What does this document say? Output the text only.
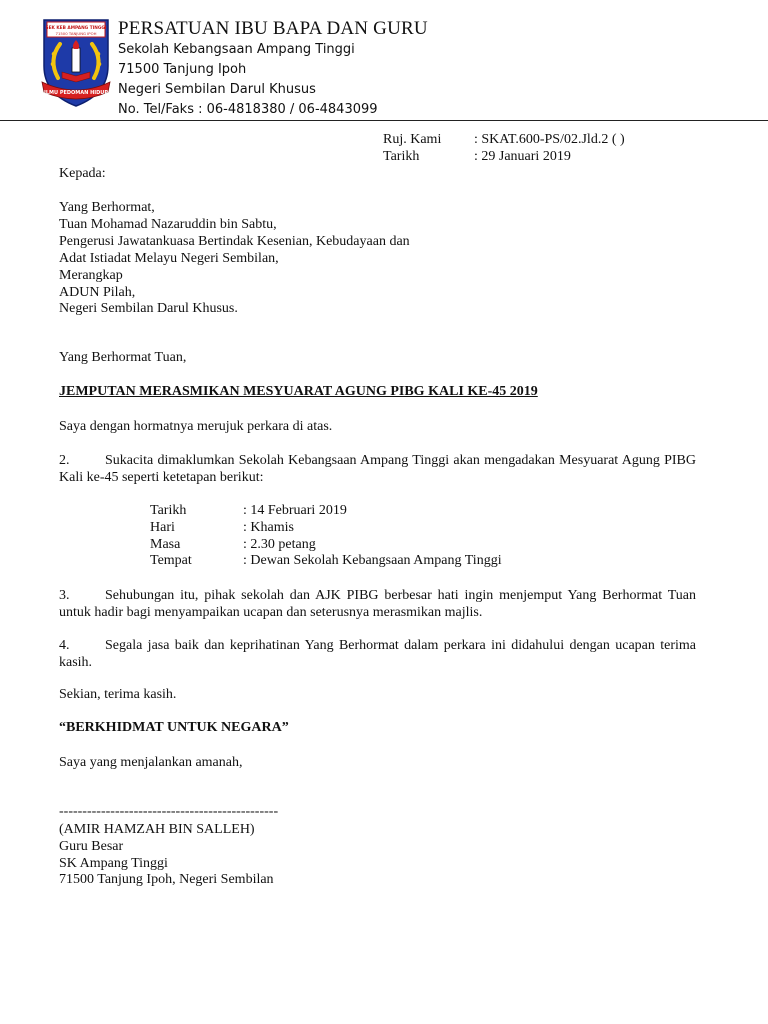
SEK KEB AMPANG TINGGI
71500 TANJUNG IPOH
ILMU PEDOMAN HIDUP
PERSATUAN IBU BAPA DAN GURU
Sekolah Kebangsaan Ampang Tinggi
71500 Tanjung Ipoh
Negeri Sembilan Darul Khusus
No. Tel/Faks : 06-4818380 / 06-4843099
Ruj. Kami : SKAT.600-PS/02.Jld.2 ( )
Tarikh	: 29 Januari 2019
Kepada:
Yang Berhormat,
Tuan Mohamad Nazaruddin bin Sabtu,
Pengerusi Jawatankuasa Bertindak Kesenian, Kebudayaan dan
Adat Istiadat Melayu Negeri Sembilan,
Merangkap
ADUN Pilah,
Negeri Sembilan Darul Khusus.
Yang Berhormat Tuan,
JEMPUTAN MERASMIKAN MESYUARAT AGUNG PIBG KALI KE-45 2019
Saya dengan hormatnya merujuk perkara di atas.
2.	Sukacita dimaklumkan Sekolah Kebangsaan Ampang Tinggi akan mengadakan Mesyuarat Agung PIBG Kali ke-45 seperti ketetapan berikut:
Tarikh	: 14 Februari 2019
Hari	: Khamis
Masa	: 2.30 petang
Tempat	: Dewan Sekolah Kebangsaan Ampang Tinggi
3.	Sehubungan itu, pihak sekolah dan AJK PIBG berbesar hati ingin menjemput Yang Berhormat Tuan untuk hadir bagi menyampaikan ucapan dan seterusnya merasmikan majlis.
4.	Segala jasa baik dan keprihatinan Yang Berhormat dalam perkara ini didahului dengan ucapan terima kasih.
Sekian, terima kasih.
“BERKHIDMAT UNTUK NEGARA”
Saya yang menjalankan amanah,
-----------------------------------------------
(AMIR HAMZAH BIN SALLEH)
Guru Besar
SK Ampang Tinggi
71500 Tanjung Ipoh, Negeri Sembilan
